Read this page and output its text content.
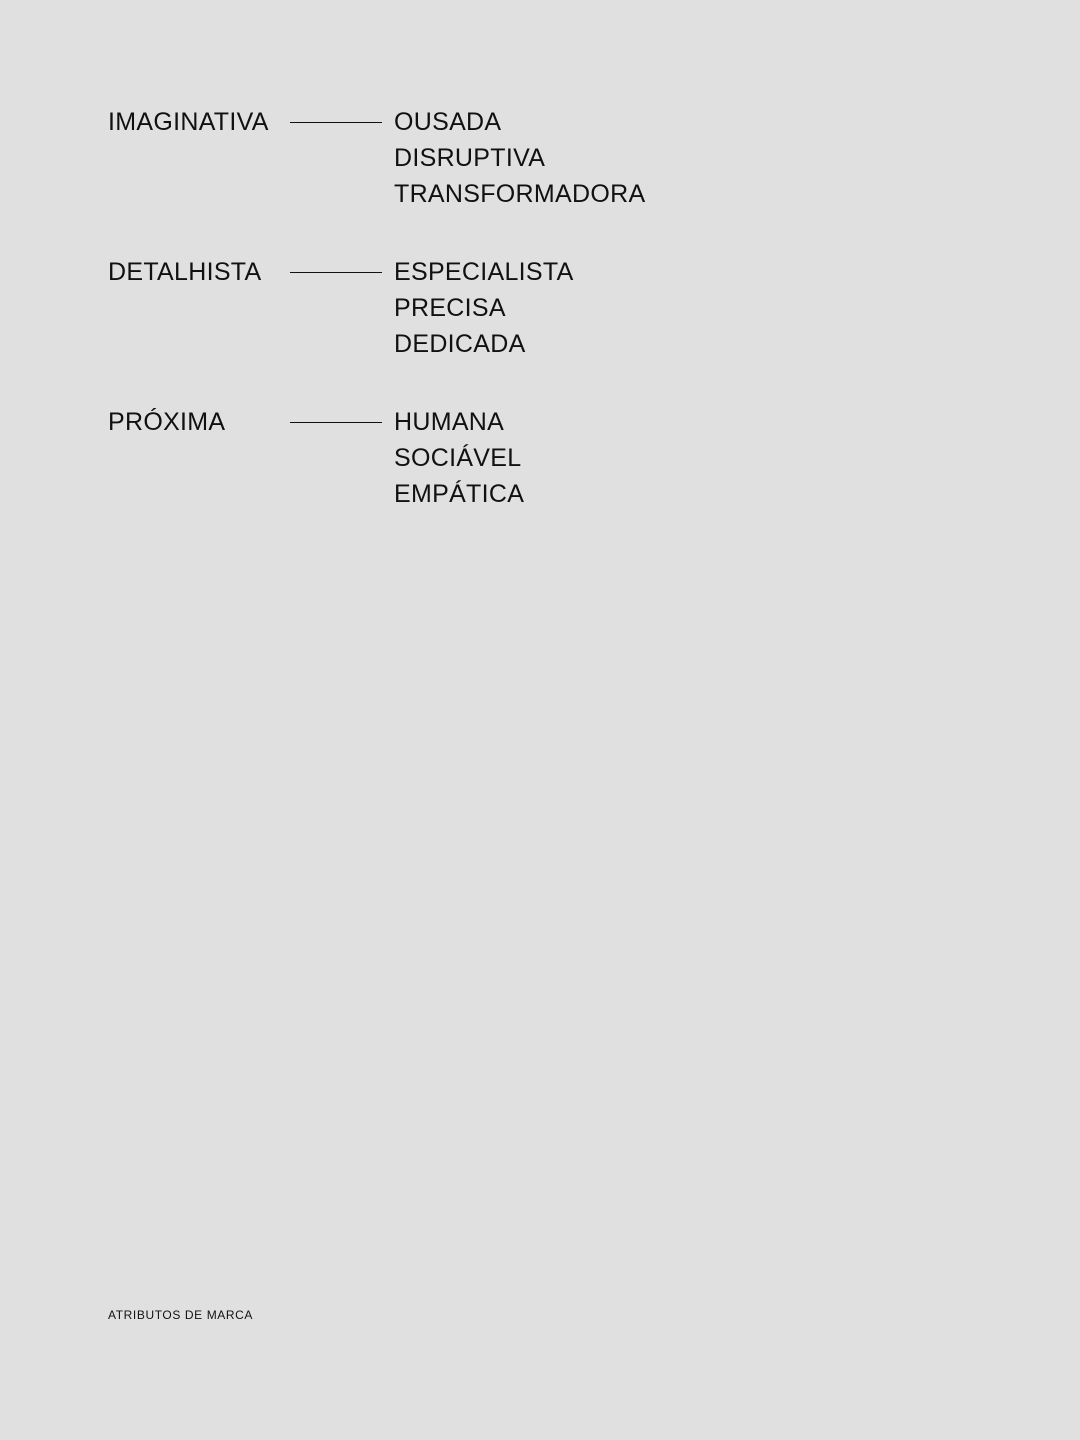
IMAGINATIVA	OUSADA
DISRUPTIVA
TRANSFORMADORA
DETALHISTA	ESPECIALISTA
PRECISA
DEDICADA
PRÓXIMA	HUMANA
SOCIÁVEL
EMPÁTICA
ATRIBUTOS DE MARCA
